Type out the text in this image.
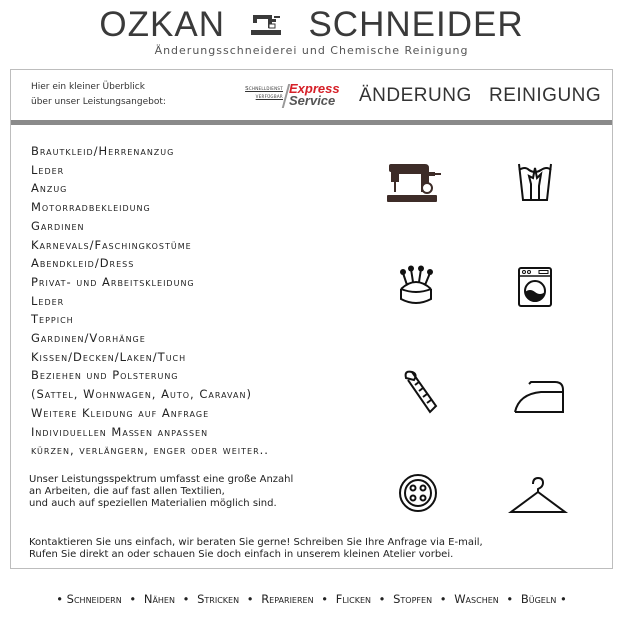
OZKAN SCHNEIDER
Änderungsschneiderei und Chemische Reinigung
Hier ein kleiner Überblick
über unser Leistungsangebot:
Schnelldienst
verfügbar
Express
Service ÄNDERUNG REINIGUNG
Brautkleid/Herrenanzug
Leder
Anzug
Motorradbekleidung
Gardinen
Karnevals/Faschingkostüme
Abendkleid/Dress
Privat- und Arbeitskleidung
Leder
Teppich
Gardinen/Vorhänge
Kissen/Decken/Laken/Tuch
Beziehen und Polsterung
(Sattel, Wohnwagen, Auto, Caravan)
Weitere Kleidung auf Anfrage
Individuellen Maßen anpassen
kürzen, verlängern, enger oder weiter..
Unser Leistungsspektrum umfasst eine große Anzahl
an Arbeiten, die auf fast allen Textilien,
und auch auf speziellen Materialien möglich sind.
Kontaktieren Sie uns einfach, wir beraten Sie gerne! Schreiben Sie Ihre Anfrage via E-mail,
Rufen Sie direkt an oder schauen Sie doch einfach in unserem kleinen Atelier vorbei.
• Schneidern • Nähen • Stricken • Reparieren • Flicken • Stopfen • Waschen • Bügeln •
